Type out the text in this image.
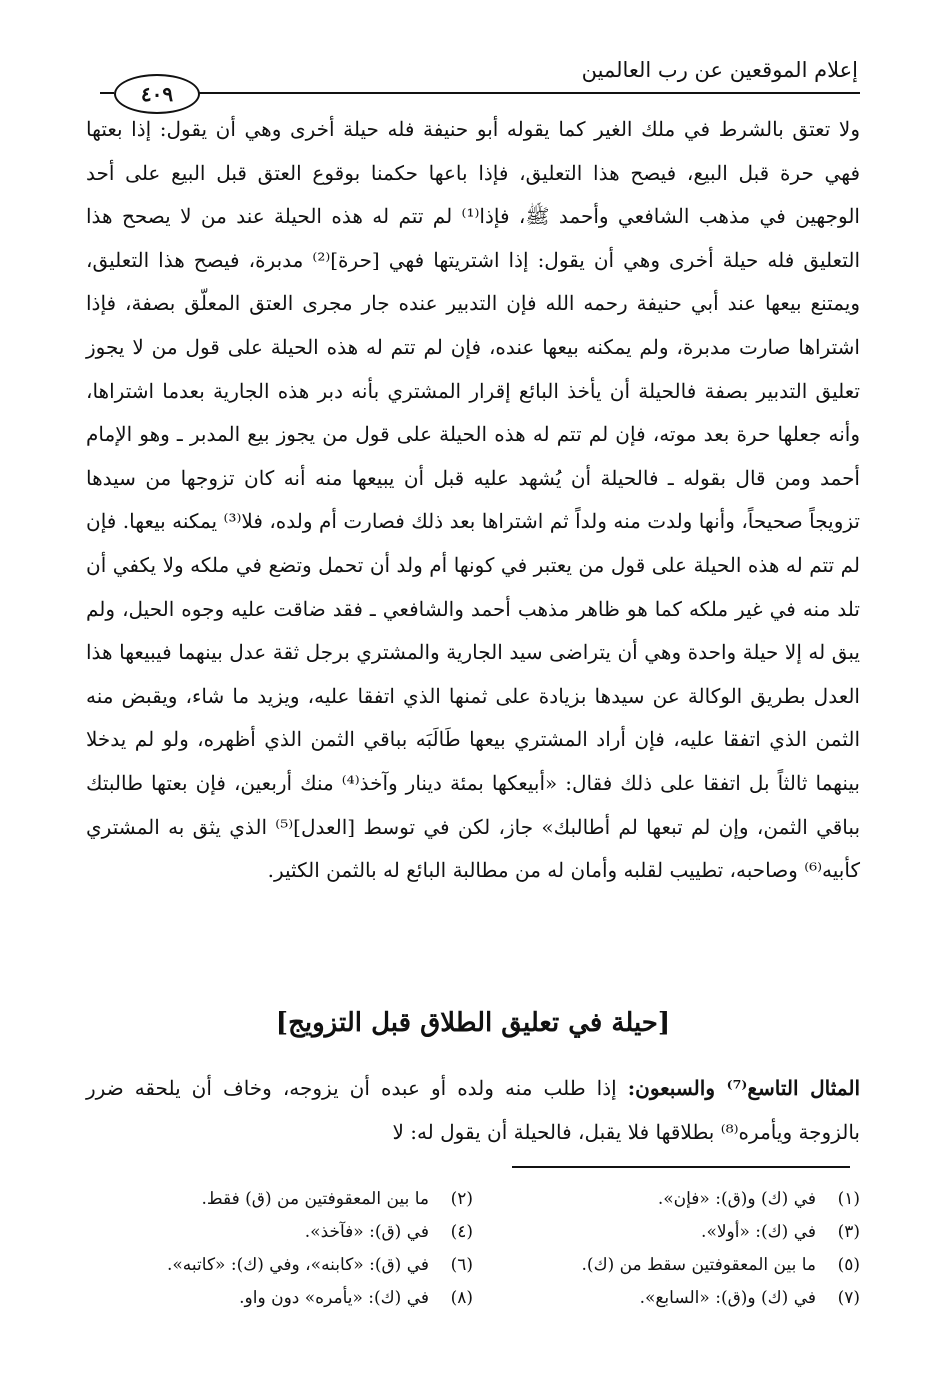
إعلام الموقعين عن رب العالمين
٤٠٩

ولا تعتق بالشرط في ملك الغير كما يقوله أبو حنيفة فله حيلة أخرى وهي أن يقول: إذا بعتها فهي حرة قبل البيع، فيصح هذا التعليق، فإذا باعها حكمنا بوقوع العتق قبل البيع على أحد الوجهين في مذهب الشافعي وأحمد ﷺ، فإذا⁽¹⁾ لم تتم له هذه الحيلة عند من لا يصحح هذا التعليق فله حيلة أخرى وهي أن يقول: إذا اشتريتها فهي [حرة]⁽²⁾ مدبرة، فيصح هذا التعليق، ويمتنع بيعها عند أبي حنيفة رحمه الله فإن التدبير عنده جار مجرى العتق المعلّق بصفة، فإذا اشتراها صارت مدبرة، ولم يمكنه بيعها عنده، فإن لم تتم له هذه الحيلة على قول من لا يجوز تعليق التدبير بصفة فالحيلة أن يأخذ البائع إقرار المشتري بأنه دبر هذه الجارية بعدما اشتراها، وأنه جعلها حرة بعد موته، فإن لم تتم له هذه الحيلة على قول من يجوز بيع المدبر ـ وهو الإمام أحمد ومن قال بقوله ـ فالحيلة أن يُشهد عليه قبل أن يبيعها منه أنه كان تزوجها من سيدها تزويجاً صحيحاً، وأنها ولدت منه ولداً ثم اشتراها بعد ذلك فصارت أم ولده، فلا⁽³⁾ يمكنه بيعها. فإن لم تتم له هذه الحيلة على قول من يعتبر في كونها أم ولد أن تحمل وتضع في ملكه ولا يكفي أن تلد منه في غير ملكه كما هو ظاهر مذهب أحمد والشافعي ـ فقد ضاقت عليه وجوه الحيل، ولم يبق له إلا حيلة واحدة وهي أن يتراضى سيد الجارية والمشتري برجل ثقة عدل بينهما فيبيعها هذا العدل بطريق الوكالة عن سيدها بزيادة على ثمنها الذي اتفقا عليه، ويزيد ما شاء، ويقبض منه الثمن الذي اتفقا عليه، فإن أراد المشتري بيعها طَالَبَه بباقي الثمن الذي أظهره، ولو لم يدخلا بينهما ثالثاً بل اتفقا على ذلك فقال: «أبيعكها بمئة دينار وآخذ⁽⁴⁾ منك أربعين، فإن بعتها طالبتك بباقي الثمن، وإن لم تبعها لم أطالبك» جاز، لكن في توسط [العدل]⁽⁵⁾ الذي يثق به المشتري كأبيه⁽⁶⁾ وصاحبه، تطييب لقلبه وأمان له من مطالبة البائع له بالثمن الكثير.

[حيلة في تعليق الطلاق قبل التزويج]

المثال التاسع⁽⁷⁾ والسبعون: إذا طلب منه ولده أو عبده أن يزوجه، وخاف أن يلحقه ضرر بالزوجة ويأمره⁽⁸⁾ بطلاقها فلا يقبل، فالحيلة أن يقول له: لا

(١)في (ك) و(ق): «فإن».
(٢)ما بين المعقوفتين من (ق) فقط.
(٣)في (ك): «أولا».
(٤)في (ق): «فآخذ».
(٥)ما بين المعقوفتين سقط من (ك).
(٦)في (ق): «كابنه»، وفي (ك): «كاتبه».
(٧)في (ك) و(ق): «السابع».
(٨)في (ك): «يأمره» دون واو.
